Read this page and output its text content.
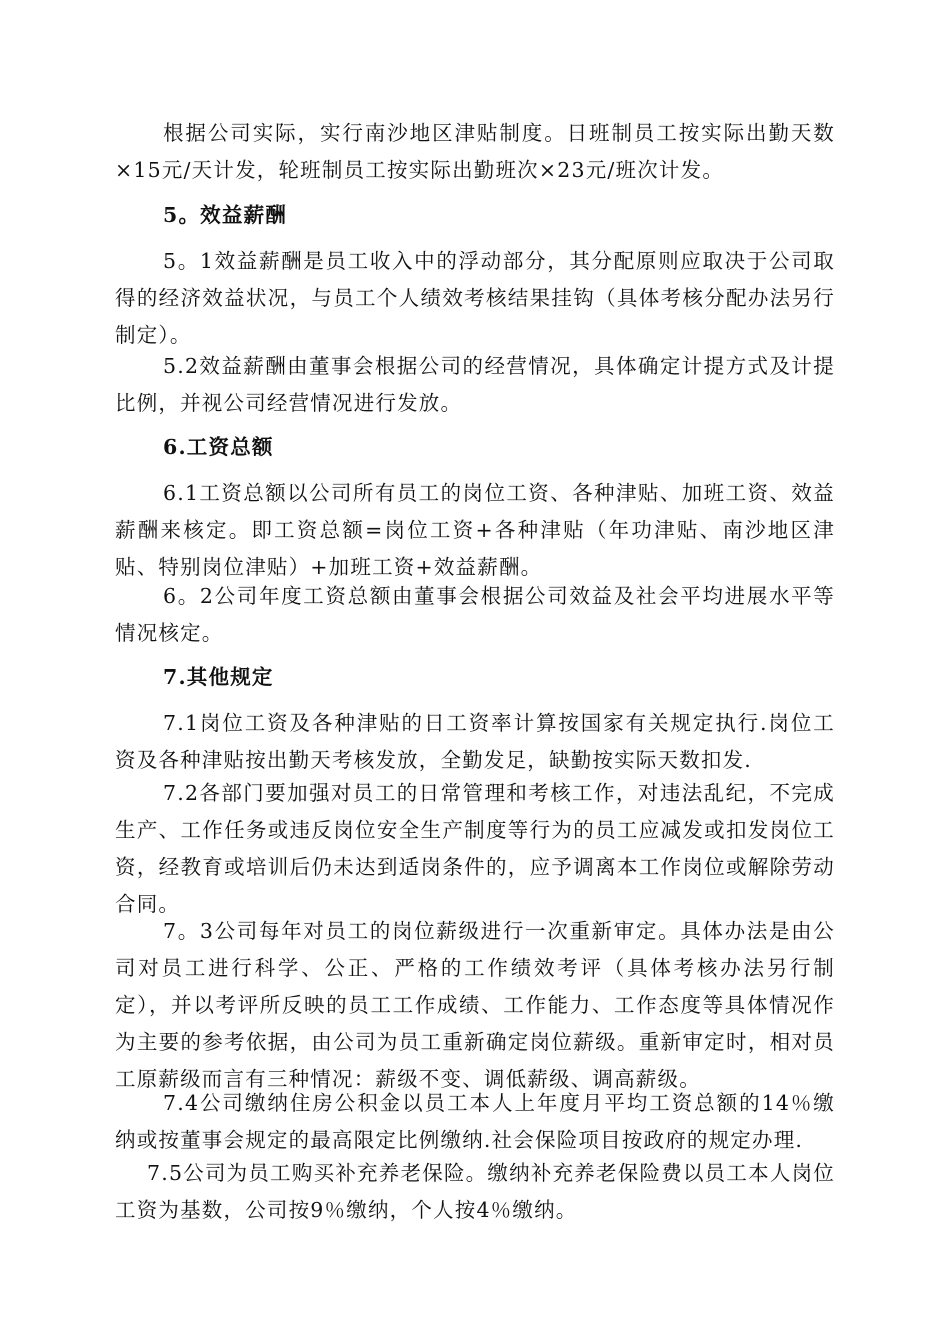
根据公司实际，实行南沙地区津贴制度。日班制员工按实际出勤天数×15元/天计发，轮班制员工按实际出勤班次×23元/班次计发。

5。效益薪酬

5。1效益薪酬是员工收入中的浮动部分，其分配原则应取决于公司取得的经济效益状况，与员工个人绩效考核结果挂钩（具体考核分配办法另行制定）。

5.2效益薪酬由董事会根据公司的经营情况，具体确定计提方式及计提比例，并视公司经营情况进行发放。

6.工资总额

6.1工资总额以公司所有员工的岗位工资、各种津贴、加班工资、效益薪酬来核定。即工资总额=岗位工资+各种津贴（年功津贴、南沙地区津贴、特别岗位津贴）+加班工资+效益薪酬。

6。2公司年度工资总额由董事会根据公司效益及社会平均进展水平等情况核定。

7.其他规定

7.1岗位工资及各种津贴的日工资率计算按国家有关规定执行.岗位工资及各种津贴按出勤天考核发放，全勤发足，缺勤按实际天数扣发.

7.2各部门要加强对员工的日常管理和考核工作，对违法乱纪，不完成生产、工作任务或违反岗位安全生产制度等行为的员工应减发或扣发岗位工资，经教育或培训后仍未达到适岗条件的，应予调离本工作岗位或解除劳动合同。

7。3公司每年对员工的岗位薪级进行一次重新审定。具体办法是由公司对员工进行科学、公正、严格的工作绩效考评（具体考核办法另行制定），并以考评所反映的员工工作成绩、工作能力、工作态度等具体情况作为主要的参考依据，由公司为员工重新确定岗位薪级。重新审定时，相对员工原薪级而言有三种情况：薪级不变、调低薪级、调高薪级。

7.4公司缴纳住房公积金以员工本人上年度月平均工资总额的14％缴纳或按董事会规定的最高限定比例缴纳.社会保险项目按政府的规定办理.

7.5公司为员工购买补充养老保险。缴纳补充养老保险费以员工本人岗位工资为基数，公司按9％缴纳，个人按4％缴纳。
